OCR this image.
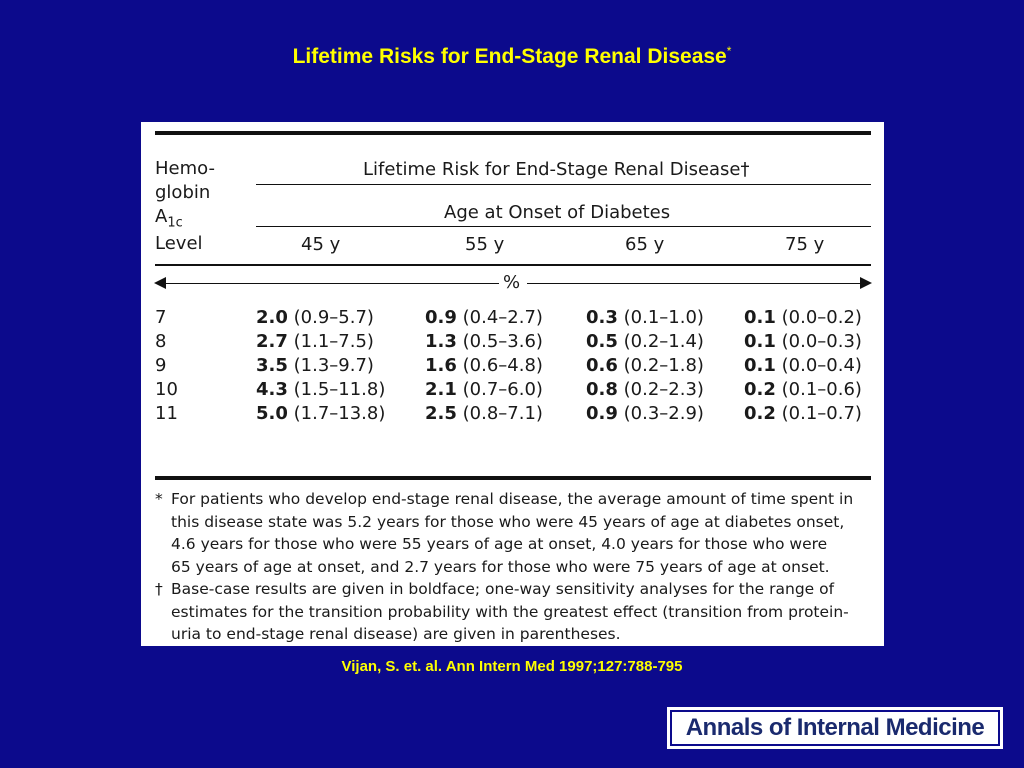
Lifetime Risks for End-Stage Renal Disease*
Hemo-
globin
$A_{1c}$
Level
Lifetime Risk for End-Stage Renal Disease†
Age at Onset of Diabetes
45 y	55 y	65 y	75 y
%
7	2.0 (0.9–5.7)	0.9 (0.4–2.7) 0.3 (0.1–1.0) 0.1 (0.0–0.2)
8	2.7 (1.1–7.5)	1.3 (0.5–3.6) 0.5 (0.2–1.4) 0.1 (0.0–0.3)
9	3.5 (1.3–9.7)	1.6 (0.6–4.8) 0.6 (0.2–1.8) 0.1 (0.0–0.4)
10	4.3 (1.5–11.8) 2.1 (0.7–6.0) 0.8 (0.2–2.3) 0.2 (0.1–0.6)
11	5.0 (1.7–13.8) 2.5 (0.8–7.1) 0.9 (0.3–2.9) 0.2 (0.1–0.7)
* For patients who develop end-stage renal disease, the average amount of time spent in
this disease state was 5.2 years for those who were 45 years of age at diabetes onset,
4.6 years for those who were 55 years of age at onset, 4.0 years for those who were
65 years of age at onset, and 2.7 years for those who were 75 years of age at onset.
† Base-case results are given in boldface; one-way sensitivity analyses for the range of
estimates for the transition probability with the greatest effect (transition from protein-
uria to end-stage renal disease) are given in parentheses.
Vijan, S. et. al. Ann Intern Med 1997;127:788-795
Annals of Internal Medicine
